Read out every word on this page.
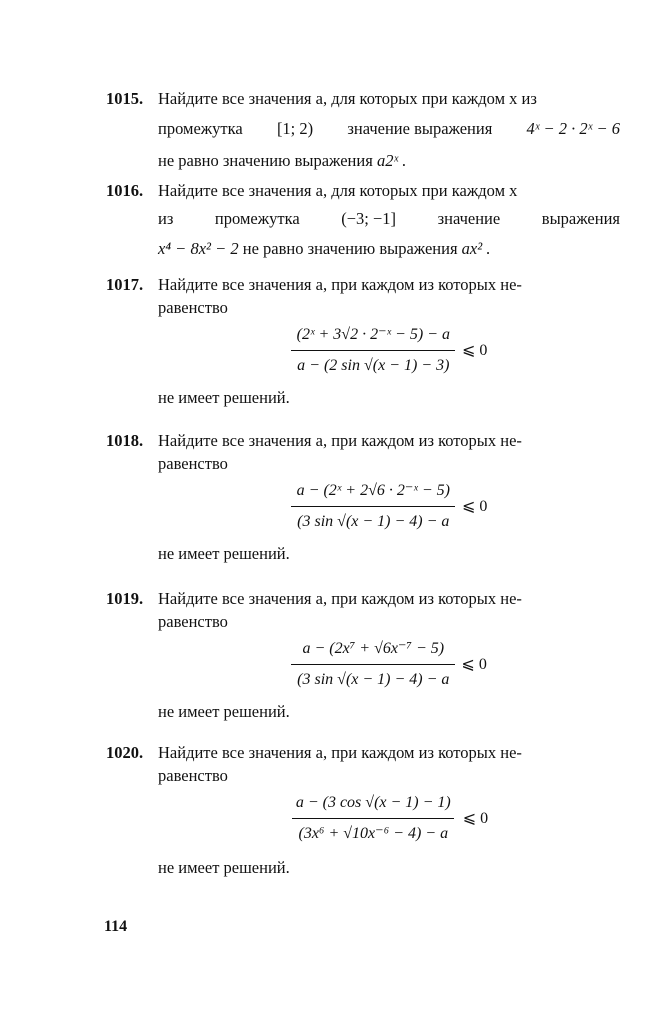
1015. Найдите все значения a, для которых при каждом x из
промежутка [1; 2) значение выражения 4ˣ − 2 · 2ˣ − 6
не равно значению выражения a2ˣ .
1016. Найдите все значения a, для которых при каждом x
из	промежутка	(−3; −1]	значение	выражения
x⁴ − 8x² − 2 не равно значению выражения ax² .
1017. Найдите все значения a, при каждом из которых не-
равенство
$\frac{\text{(2ˣ + 3√2 · 2⁻ˣ − 5) − a}}{a - (2 \sin √(x - 1) - 3)}$ ⩽ 0
не имеет решений.
1018. Найдите все значения a, при каждом из которых не-
равенство
$\frac{\text{a − (2ˣ + 2√6 · 2⁻ˣ − 5)}}{(3 \sin √(x - 1) - 4) - a}$ ⩽ 0
не имеет решений.
1019. Найдите все значения a, при каждом из которых не-
равенство
$\frac{\text{a − (2x⁷ + √6x⁻⁷ − 5)}}{(3 \sin √(x - 1) - 4) - a}$ ⩽ 0
не имеет решений.
1020. Найдите все значения a, при каждом из которых не-
равенство
$\frac{a - (3 \cos √(x - 1) - 1)}{\text{(3x⁶ + √10x⁻⁶ − 4) − a}}$ ⩽ 0
не имеет решений.
114
